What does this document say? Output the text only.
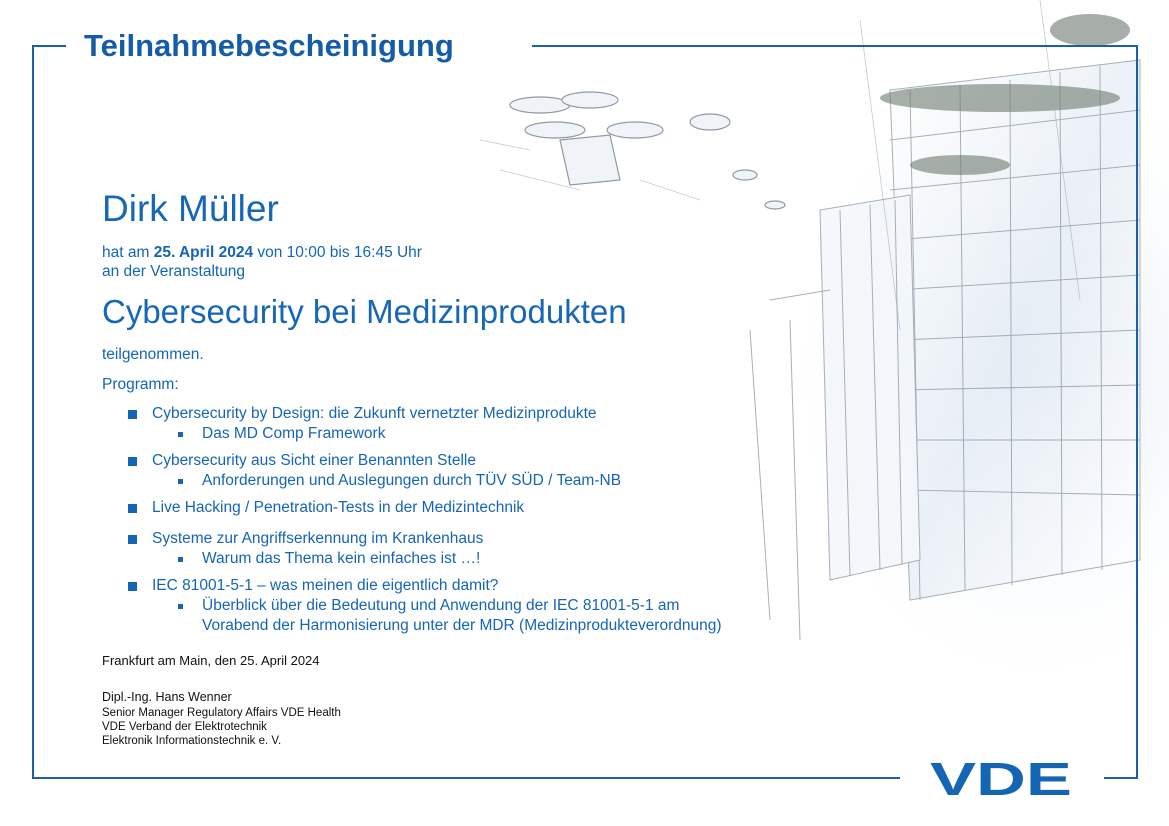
Teilnahmebescheinigung
Dirk Müller
hat am 25. April 2024 von 10:00 bis 16:45 Uhr
an der Veranstaltung
Cybersecurity bei Medizinprodukten
teilgenommen.
Programm:
Cybersecurity by Design: die Zukunft vernetzter Medizinprodukte
Das MD Comp Framework
Cybersecurity aus Sicht einer Benannten Stelle
Anforderungen und Auslegungen durch TÜV SÜD / Team-NB
Live Hacking / Penetration-Tests in der Medizintechnik
Systeme zur Angriffserkennung im Krankenhaus
Warum das Thema kein einfaches ist …!
IEC 81001-5-1 – was meinen die eigentlich damit?
Überblick über die Bedeutung und Anwendung der IEC 81001-5-1 am
Vorabend der Harmonisierung unter der MDR (Medizinprodukteverordnung)
Frankfurt am Main, den 25. April 2024
Dipl.-Ing. Hans Wenner
Senior Manager Regulatory Affairs VDE Health
VDE Verband der Elektrotechnik
Elektronik Informationstechnik e. V.
VDE
